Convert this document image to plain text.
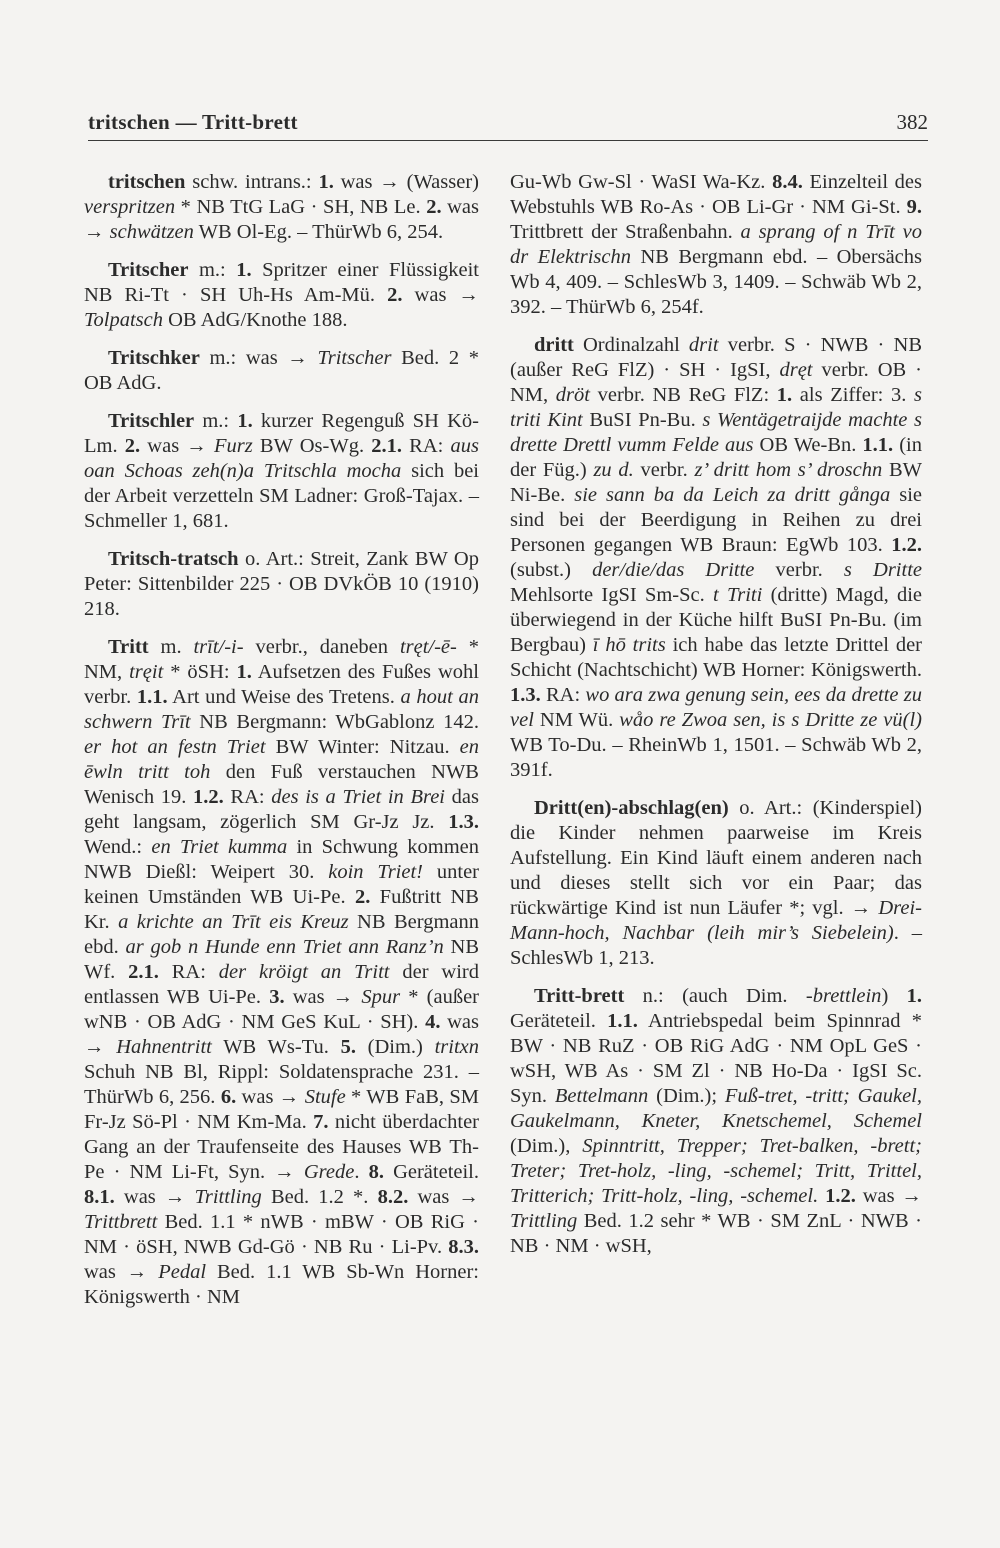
tritschen — Tritt-brett	382

tritschen schw. intrans.: 1. was → (Wasser) verspritzen * NB TtG LaG · SH, NB Le. 2. was → schwätzen WB Ol-Eg. – ThürWb 6, 254.

Tritscher m.: 1. Spritzer einer Flüssigkeit NB Ri-Tt · SH Uh-Hs Am-Mü. 2. was → Tolpatsch OB AdG/Knothe 188.

Tritschker m.: was → Tritscher Bed. 2 * OB AdG.

Tritschler m.: 1. kurzer Regenguß SH Kö-Lm. 2. was → Furz BW Os-Wg. 2.1. RA: aus oan Schoas zeh(n)a Tritschla mocha sich bei der Arbeit verzetteln SM Ladner: Groß-Tajax. – Schmeller 1, 681.

Tritsch-tratsch o. Art.: Streit, Zank BW Op Peter: Sittenbilder 225 · OB DVkÖB 10 (1910) 218.

Tritt m. trīt/-i- verbr., daneben tręt/-ē- * NM, tręit * öSH: 1. Aufsetzen des Fußes wohl verbr. 1.1. Art und Weise des Tretens. a hout an schwern Trīt NB Bergmann: WbGablonz 142. er hot an festn Triet BW Winter: Nitzau. en ēwln tritt toh den Fuß verstauchen NWB Wenisch 19. 1.2. RA: des is a Triet in Brei das geht langsam, zögerlich SM Gr-Jz Jz. 1.3. Wend.: en Triet kumma in Schwung kommen NWB Dießl: Weipert 30. koin Triet! unter keinen Umständen WB Ui-Pe. 2. Fußtritt NB Kr. a krichte an Trīt eis Kreuz NB Bergmann ebd. ar gob n Hunde enn Triet ann Ranz’n NB Wf. 2.1. RA: der kröigt an Tritt der wird entlassen WB Ui-Pe. 3. was → Spur * (außer wNB · OB AdG · NM GeS KuL · SH). 4. was → Hahnentritt WB Ws-Tu. 5. (Dim.) tritxn Schuh NB Bl, Rippl: Soldatensprache 231. – ThürWb 6, 256. 6. was → Stufe * WB FaB, SM Fr-Jz Sö-Pl · NM Km-Ma. 7. nicht überdachter Gang an der Traufenseite des Hauses WB Th-Pe · NM Li-Ft, Syn. → Grede. 8. Geräteteil. 8.1. was → Trittling Bed. 1.2 *. 8.2. was → Trittbrett Bed. 1.1 * nWB · mBW · OB RiG · NM · öSH, NWB Gd-Gö · NB Ru · Li-Pv. 8.3. was → Pedal Bed. 1.1 WB Sb-Wn Horner: Königswerth · NM

Gu-Wb Gw-Sl · WaSI Wa-Kz. 8.4. Einzelteil des Webstuhls WB Ro-As · OB Li-Gr · NM Gi-St. 9. Trittbrett der Straßenbahn. a sprang of n Trīt vo dr Elektrischn NB Bergmann ebd. – Obersächs Wb 4, 409. – SchlesWb 3, 1409. – Schwäb Wb 2, 392. – ThürWb 6, 254f.

dritt Ordinalzahl drit verbr. S · NWB · NB (außer ReG FlZ) · SH · IgSI, dręt verbr. OB · NM, dröt verbr. NB ReG FlZ: 1. als Ziffer: 3. s triti Kint BuSI Pn-Bu. s Wentägetraijde machte s drette Drettl vumm Felde aus OB We-Bn. 1.1. (in der Füg.) zu d. verbr. z’ dritt hom s’ droschn BW Ni-Be. sie sann ba da Leich za dritt gånga sie sind bei der Beerdigung in Reihen zu drei Personen gegangen WB Braun: EgWb 103. 1.2. (subst.) der/die/das Dritte verbr. s Dritte Mehlsorte IgSI Sm-Sc. t Triti (dritte) Magd, die überwiegend in der Küche hilft BuSI Pn-Bu. (im Bergbau) ī hō trits ich habe das letzte Drittel der Schicht (Nachtschicht) WB Horner: Königswerth. 1.3. RA: wo ara zwa genung sein, ees da drette zu vel NM Wü. wåo re Zwoa sen, is s Dritte ze vü(l) WB To-Du. – RheinWb 1, 1501. – Schwäb Wb 2, 391f.

Dritt(en)-abschlag(en) o. Art.: (Kinderspiel) die Kinder nehmen paarweise im Kreis Aufstellung. Ein Kind läuft einem anderen nach und dieses stellt sich vor ein Paar; das rückwärtige Kind ist nun Läufer *; vgl. → Drei-Mann-hoch, Nachbar (leih mir’s Siebelein). – SchlesWb 1, 213.

Tritt-brett n.: (auch Dim. -brettlein) 1. Geräteteil. 1.1. Antriebspedal beim Spinnrad * BW · NB RuZ · OB RiG AdG · NM OpL GeS · wSH, WB As · SM Zl · NB Ho-Da · IgSI Sc. Syn. Bettelmann (Dim.); Fuß-tret, -tritt; Gaukel, Gaukelmann, Kneter, Knetschemel, Schemel (Dim.), Spinntritt, Trepper; Tret-balken, -brett; Treter; Tret-holz, -ling, -schemel; Tritt, Trittel, Tritterich; Tritt-holz, -ling, -schemel. 1.2. was → Trittling Bed. 1.2 sehr * WB · SM ZnL · NWB · NB · NM · wSH,
